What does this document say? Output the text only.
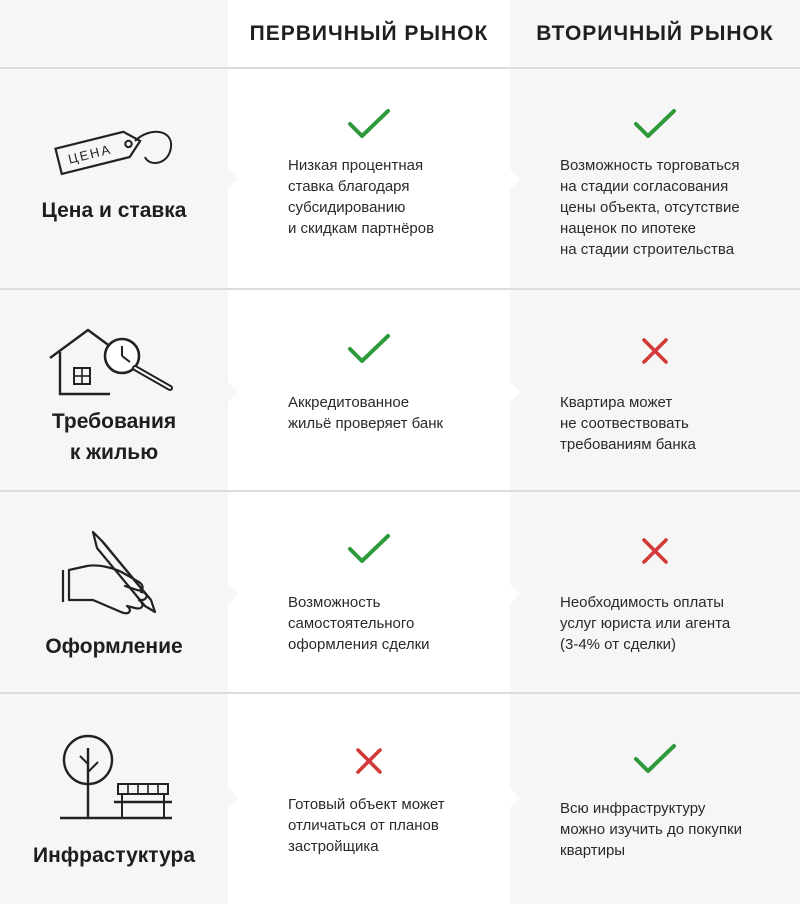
ПЕРВИЧНЫЙ РЫНОК	ВТОРИЧНЫЙ РЫНОК
ЦЕНА
Цена и ставка
Низкая процентная
ставка благодаря
субсидированию
и скидкам партнёров
Возможность торговаться
на стадии согласования
цены объекта, отсутствие
наценок по ипотеке
на стадии строительства
Требования
к жилью
Аккредитованное
жильё проверяет банк
Квартира может
не соотвествовать
требованиям банка
Оформление
Возможность
самостоятельного
оформления сделки
Необходимость оплаты
услуг юриста или агента
(3-4% от сделки)
Инфрастуктура
Готовый объект может
отличаться от планов
застройщика
Всю инфраструктуру
можно изучить до покупки
квартиры
